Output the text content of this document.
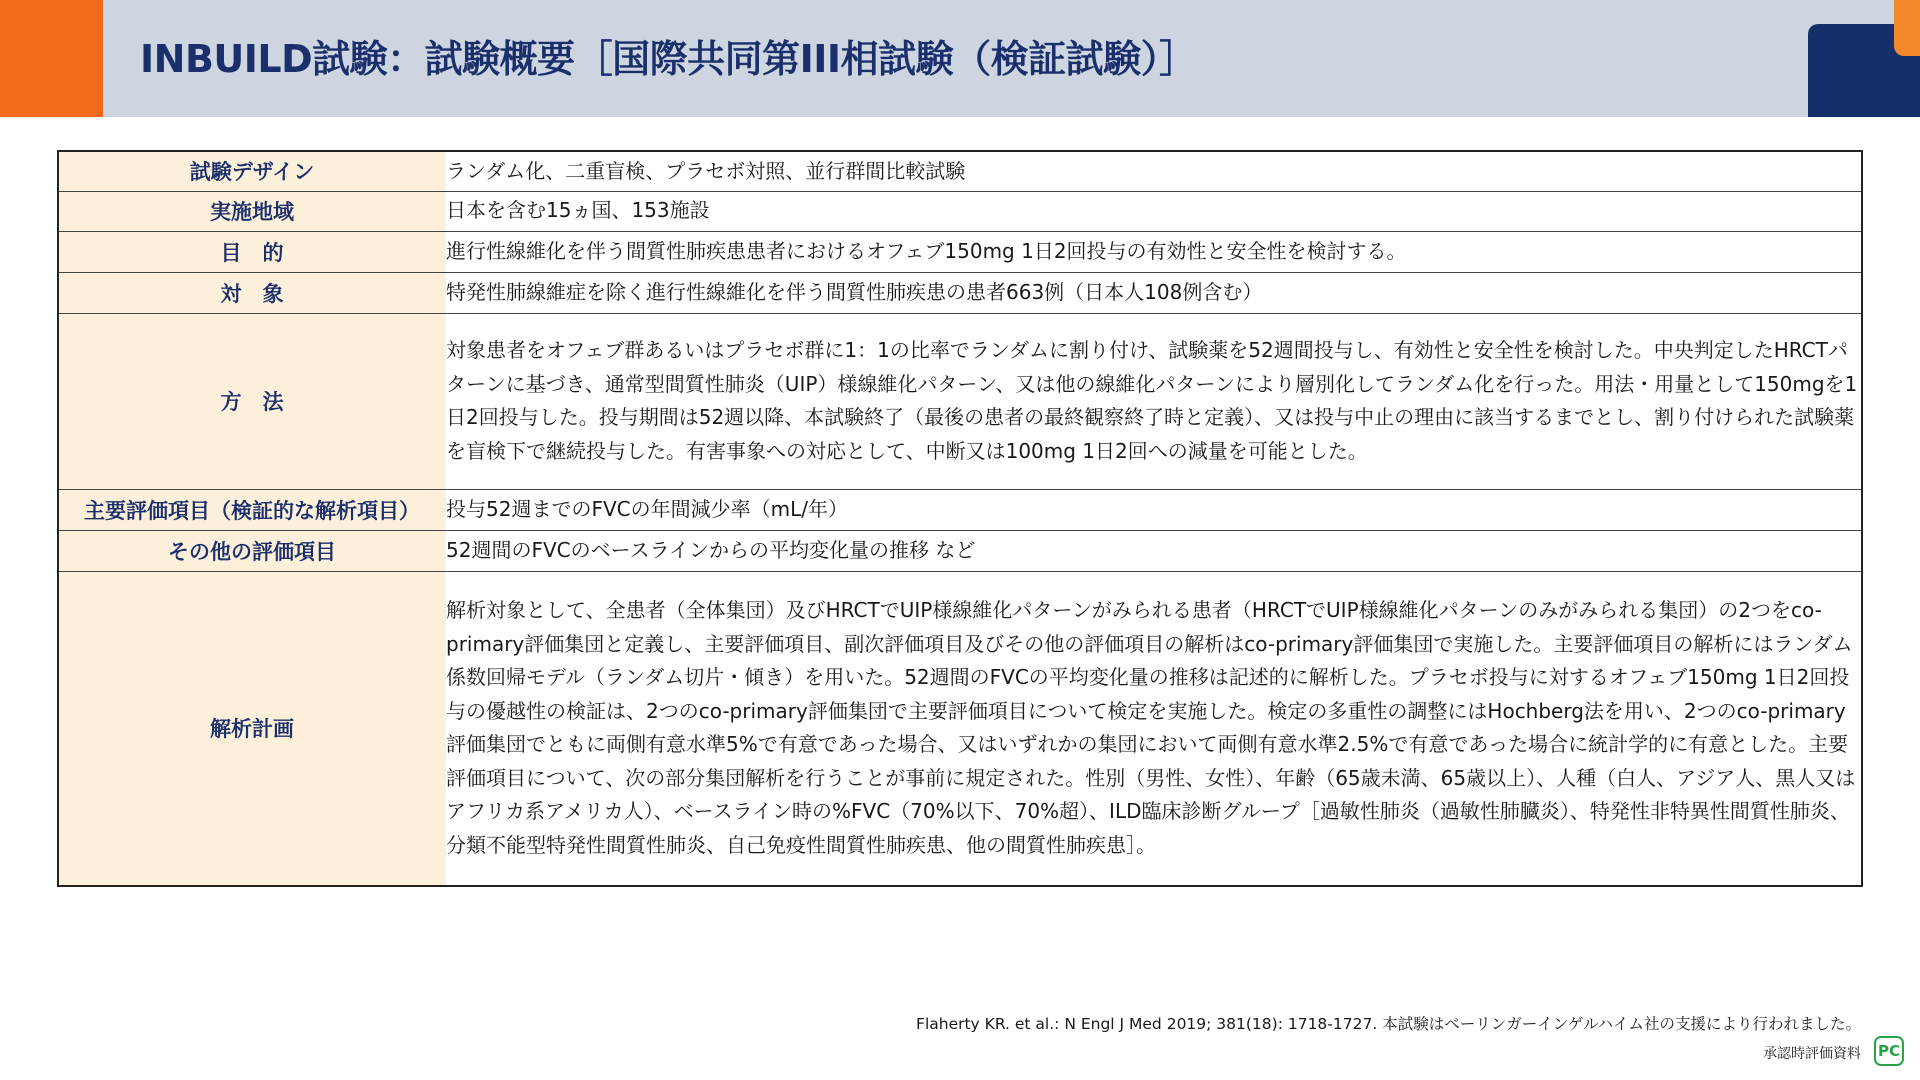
INBUILD試験：試験概要［国際共同第III相試験（検証試験）］
試験デザイン	ランダム化、二重盲検、プラセボ対照、並行群間比較試験
実施地域	日本を含む15ヵ国、153施設
目　的	進行性線維化を伴う間質性肺疾患患者におけるオフェブ150mg 1日2回投与の有効性と安全性を検討する。
対　象	特発性肺線維症を除く進行性線維化を伴う間質性肺疾患の患者663例（日本人108例含む）
方　法	対象患者をオフェブ群あるいはプラセボ群に1：1の比率でランダムに割り付け、試験薬を52週間投与し、有効性と安全性を検討した。中央判定したHRCTパターンに基づき、通常型間質性肺炎（UIP）様線維化パターン、又は他の線維化パターンにより層別化してランダム化を行った。用法・用量として150mgを1日2回投与した。投与期間は52週以降、本試験終了（最後の患者の最終観察終了時と定義）、又は投与中止の理由に該当するまでとし、割り付けられた試験薬を盲検下で継続投与した。有害事象への対応として、中断又は100mg 1日2回への減量を可能とした。
主要評価項目（検証的な解析項目）	投与52週までのFVCの年間減少率（mL/年）
その他の評価項目	52週間のFVCのベースラインからの平均変化量の推移 など
解析計画	解析対象として、全患者（全体集団）及びHRCTでUIP様線維化パターンがみられる患者（HRCTでUIP様線維化パターンのみがみられる集団）の2つをco-primary評価集団と定義し、主要評価項目、副次評価項目及びその他の評価項目の解析はco-primary評価集団で実施した。主要評価項目の解析にはランダム係数回帰モデル（ランダム切片・傾き）を用いた。52週間のFVCの平均変化量の推移は記述的に解析した。プラセボ投与に対するオフェブ150mg 1日2回投与の優越性の検証は、2つのco-primary評価集団で主要評価項目について検定を実施した。検定の多重性の調整にはHochberg法を用い、2つのco-primary評価集団でともに両側有意水準5%で有意であった場合、又はいずれかの集団において両側有意水準2.5%で有意であった場合に統計学的に有意とした。主要評価項目について、次の部分集団解析を行うことが事前に規定された。性別（男性、女性）、年齢（65歳未満、65歳以上）、人種（白人、アジア人、黒人又はアフリカ系アメリカ人）、ベースライン時の%FVC（70%以下、70%超）、ILD臨床診断グループ［過敏性肺炎（過敏性肺臓炎）、特発性非特異性間質性肺炎、分類不能型特発性間質性肺炎、自己免疫性間質性肺疾患、他の間質性肺疾患］。
Flaherty KR. et al.: N Engl J Med 2019; 381(18): 1718-1727. 本試験はベーリンガーインゲルハイム社の支援により行われました。
承認時評価資料 PC
